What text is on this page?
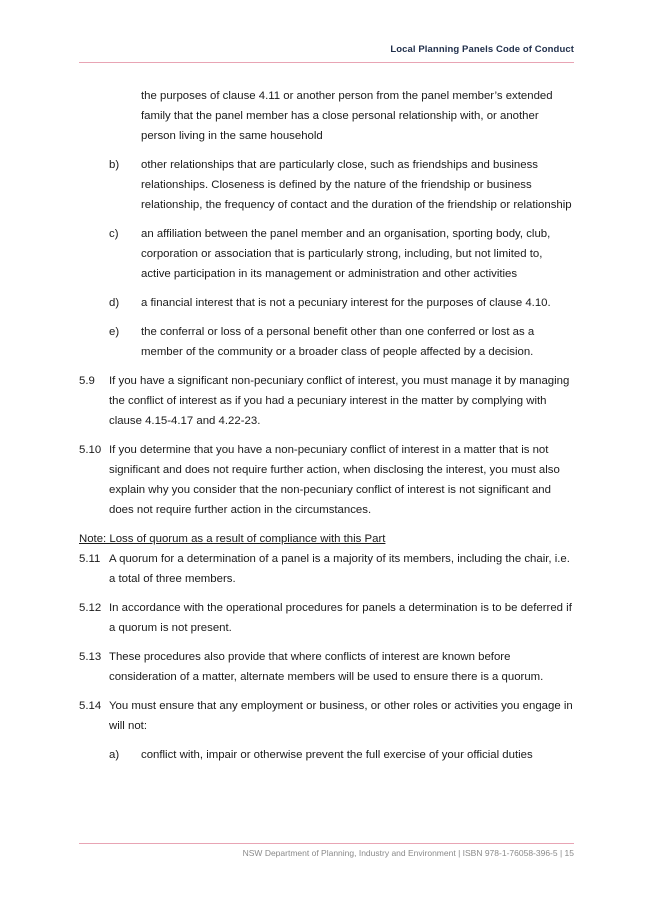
Local Planning Panels Code of Conduct
the purposes of clause 4.11 or another person from the panel member’s extended family that the panel member has a close personal relationship with, or another person living in the same household
b) other relationships that are particularly close, such as friendships and business relationships. Closeness is defined by the nature of the friendship or business relationship, the frequency of contact and the duration of the friendship or relationship
c) an affiliation between the panel member and an organisation, sporting body, club, corporation or association that is particularly strong, including, but not limited to, active participation in its management or administration and other activities
d) a financial interest that is not a pecuniary interest for the purposes of clause 4.10.
e) the conferral or loss of a personal benefit other than one conferred or lost as a member of the community or a broader class of people affected by a decision.
5.9 If you have a significant non-pecuniary conflict of interest, you must manage it by managing the conflict of interest as if you had a pecuniary interest in the matter by complying with clause 4.15-4.17 and 4.22-23.
5.10 If you determine that you have a non-pecuniary conflict of interest in a matter that is not significant and does not require further action, when disclosing the interest, you must also explain why you consider that the non-pecuniary conflict of interest is not significant and does not require further action in the circumstances.
Note: Loss of quorum as a result of compliance with this Part
5.11 A quorum for a determination of a panel is a majority of its members, including the chair, i.e. a total of three members.
5.12 In accordance with the operational procedures for panels a determination is to be deferred if a quorum is not present.
5.13 These procedures also provide that where conflicts of interest are known before consideration of a matter, alternate members will be used to ensure there is a quorum.
5.14 You must ensure that any employment or business, or other roles or activities you engage in will not:
a) conflict with, impair or otherwise prevent the full exercise of your official duties
NSW Department of Planning, Industry and Environment | ISBN 978-1-76058-396-5 | 15
